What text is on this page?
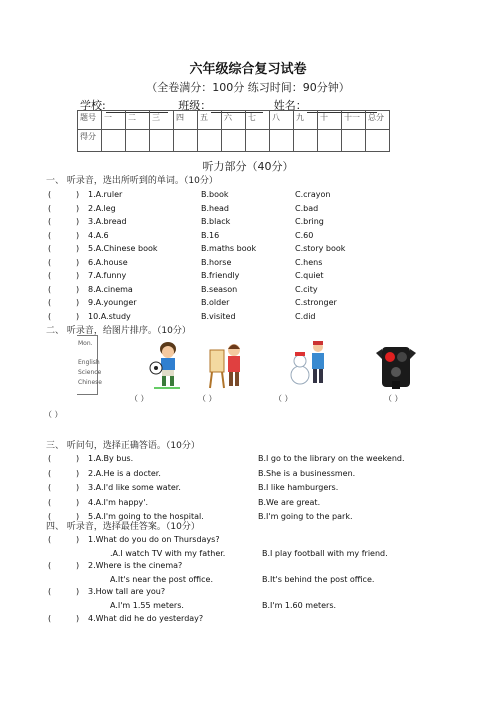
六年级综合复习试卷
（全卷满分：100分 练习时间：90分钟）
学校:	班级：	姓名：
题号	一	二	三	四	五	六	七	八	九	十	十一	总分
得分												
听力部分（40分）
一、 听录音，选出所听到的单词。（10分）
(	) 1.A.ruler	B.book	C.crayon
(	) 2.A.leg	B.head	C.bad
(	) 3.A.bread	B.black	C.bring
(	) 4.A.6	B.16	C.60
(	) 5.A.Chinese book	B.maths book	C.story book
(	) 6.A.house	B.horse	C.hens
(	) 7.A.funny	B.friendly	C.quiet
(	) 8.A.cinema	B.season	C.city
(	) 9.A.younger	B.older	C.stronger
(	) 10.A.study	B.visited	C.did
二、 听录音，给图片排序。（10分）
Mon.
English
Science
Chinese
（ ）	（ ）	（ ）	（ ）
（ ）
三、 听问句，选择正确答语。（10分）
(	) 1.A.By bus.	B.I go to the library on the weekend.
(	) 2.A.He is a docter.	B.She is a businessmen.
(	) 3.A.I'd like some water.	B.I like hamburgers.
(	) 4.A.I'm happy'.	B.We are great.
(	) 5.A.I'm going to the hospital.	B.I'm going to the park.
四、 听录音，选择最佳答案。（10分）
(	) 1.What do you do on Thursdays?
.A.I watch TV with my father.	B.I play football with my friend.
(	) 2.Where is the cinema?
A.It's near the post office.	B.It's behind the post office.
(	) 3.How tall are you?
A.I'm 1.55 meters.	B.I'm 1.60 meters.
(	) 4.What did he do yesterday?
